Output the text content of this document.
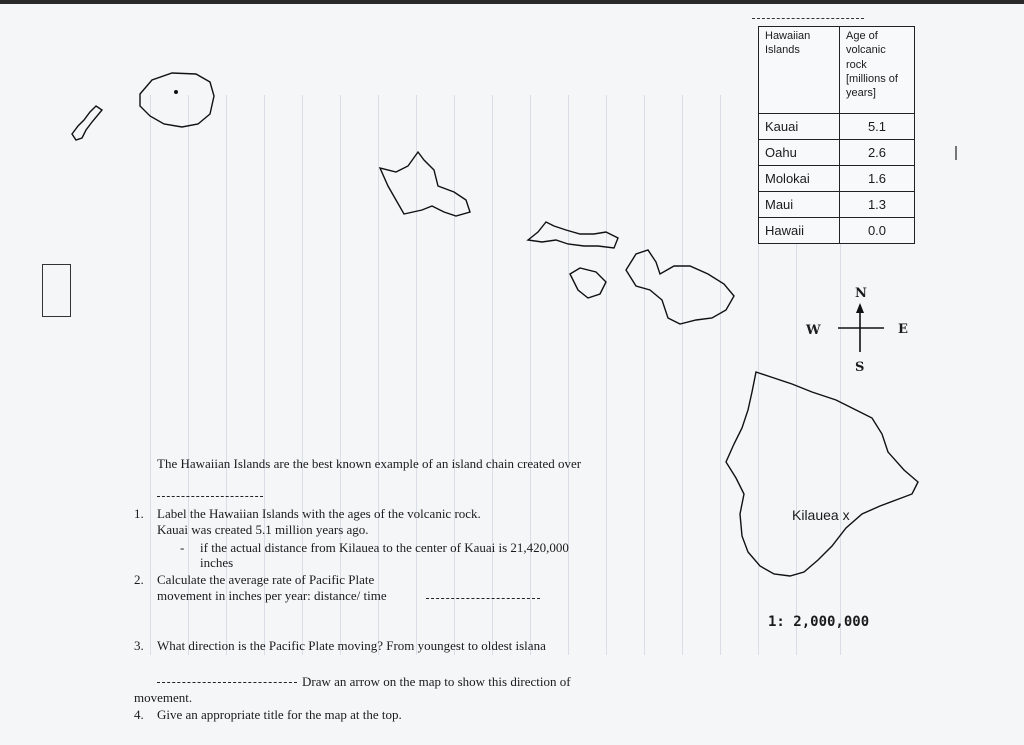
Hawaiian Islands	Age of volcanic rock [millions of years]
Kauai	5.1
Oahu	2.6
Molokai	1.6
Maui	1.3
Hawaii	0.0
N
S
W	E
Kilauea x
1: 2,000,000
The Hawaiian Islands are the best known example of an island chain created over
1. Label the Hawaiian Islands with the ages of the volcanic rock.
Kauai was created 5.1 million years ago.
- if the actual distance from Kilauea to the center of Kauai is 21,420,000
inches
2. Calculate the average rate of Pacific Plate
movement in inches per year: distance/ time
3. What direction is the Pacific Plate moving? From youngest to oldest islana
Draw an arrow on the map to show this direction of
movement.
4. Give an appropriate title for the map at the top.
